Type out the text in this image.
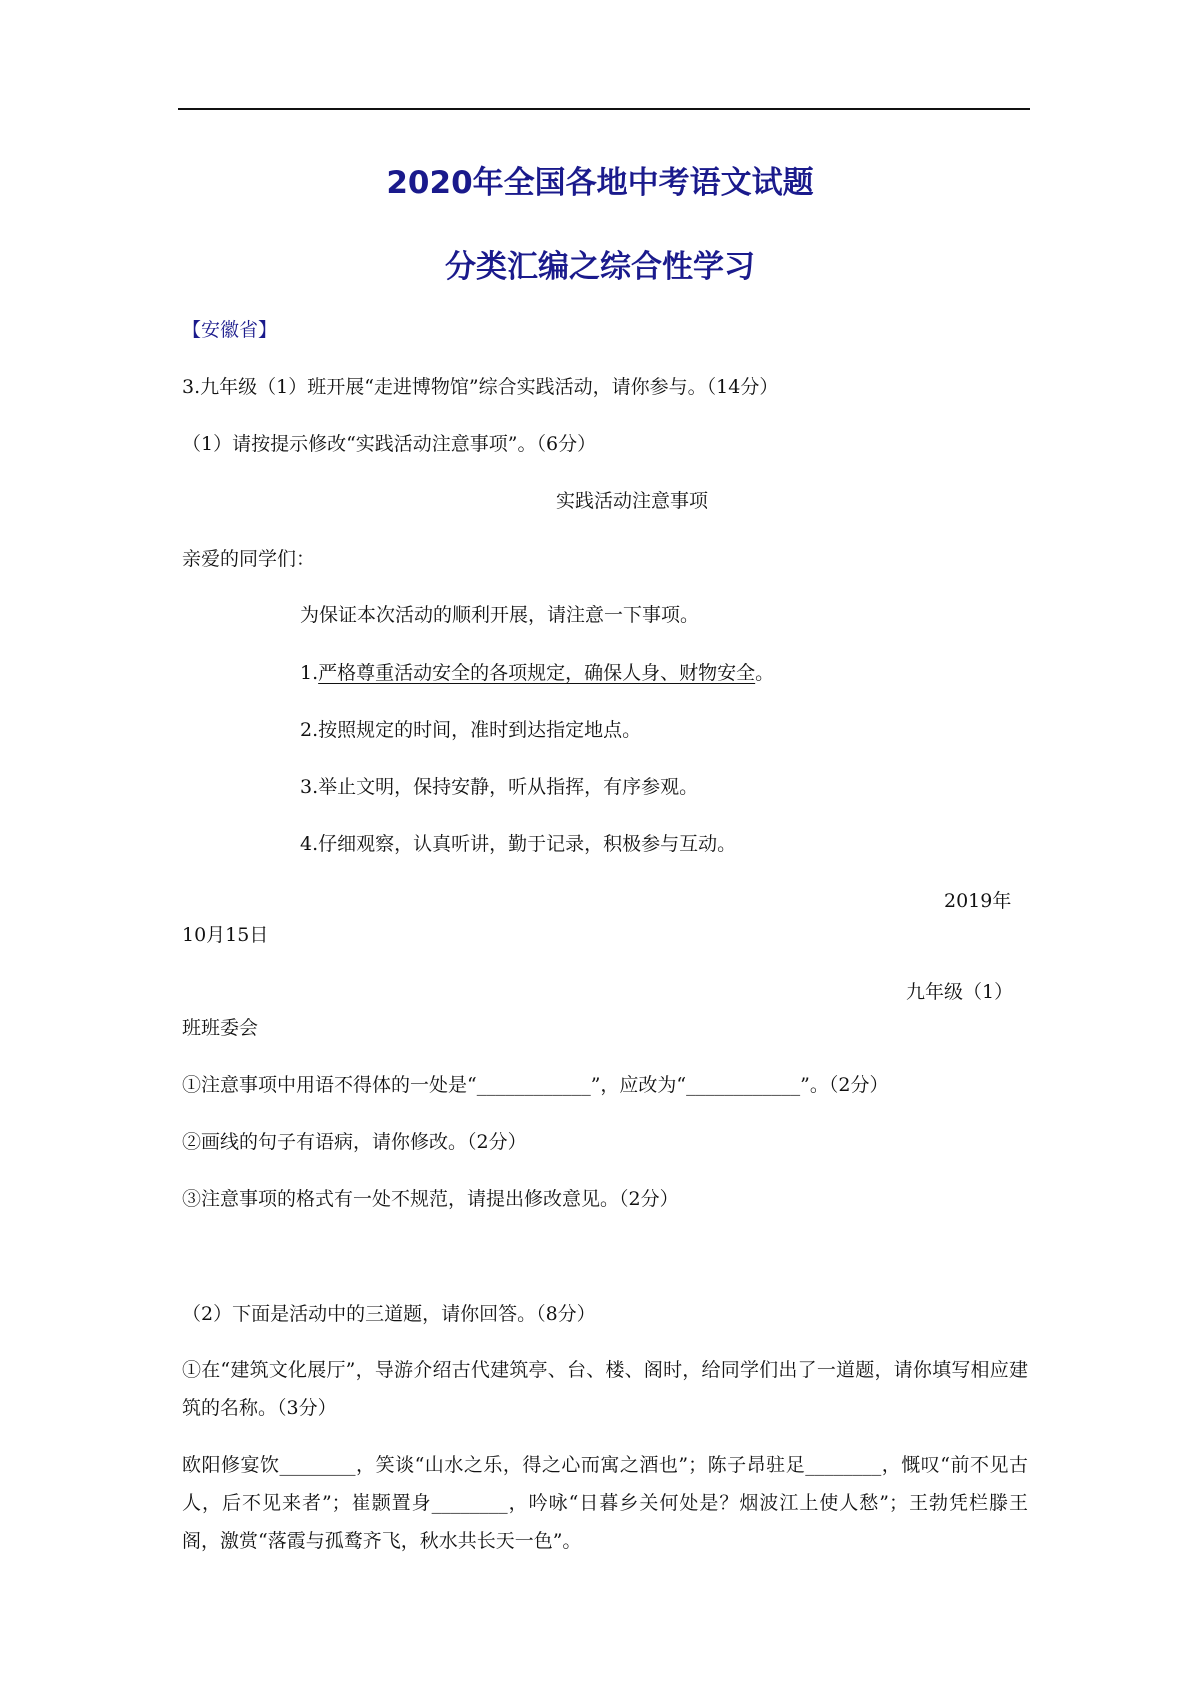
2020年全国各地中考语文试题
分类汇编之综合性学习
【安徽省】
3.九年级（1）班开展“走进博物馆”综合实践活动，请你参与。（14分）
（1）请按提示修改“实践活动注意事项”。（6分）
实践活动注意事项
亲爱的同学们：
为保证本次活动的顺利开展，请注意一下事项。
1.严格尊重活动安全的各项规定，确保人身、财物安全。
2.按照规定的时间，准时到达指定地点。
3.举止文明，保持安静，听从指挥，有序参观。
4.仔细观察，认真听讲，勤于记录，积极参与互动。
2019年
10月15日
九年级（1）
班班委会
①注意事项中用语不得体的一处是“____________”，应改为“____________”。（2分）
②画线的句子有语病，请你修改。（2分）
③注意事项的格式有一处不规范，请提出修改意见。（2分）
（2）下面是活动中的三道题，请你回答。（8分）
①在“建筑文化展厅”，导游介绍古代建筑亭、台、楼、阁时，给同学们出了一道题，请你填写相应建筑的名称。（3分）
欧阳修宴饮________，笑谈“山水之乐，得之心而寓之酒也”；陈子昂驻足________，慨叹“前不见古人，后不见来者”；崔颢置身________，吟咏“日暮乡关何处是？烟波江上使人愁”；王勃凭栏滕王阁，激赏“落霞与孤鹜齐飞，秋水共长天一色”。
